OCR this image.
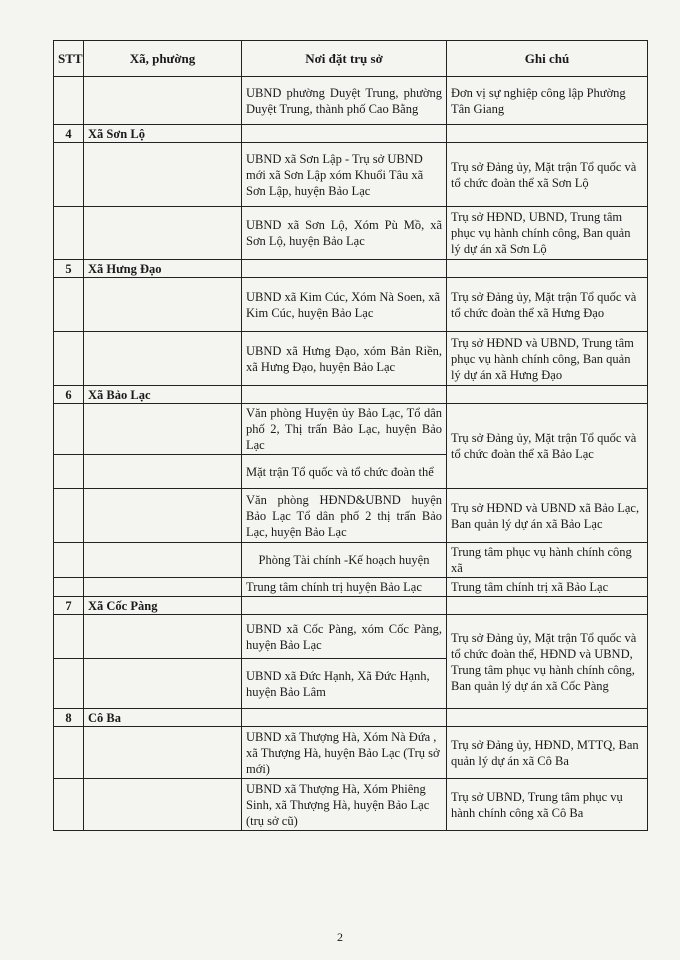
STT	Xã, phường	Nơi đặt trụ sở	Ghi chú
		UBND phường Duyệt Trung, phường Duyệt Trung, thành phố Cao Bằng	Đơn vị sự nghiệp công lập Phường Tân Giang
4	Xã Sơn Lộ		
		UBND xã Sơn Lập - Trụ sở UBND mới xã Sơn Lập xóm Khuổi Tâu xã Sơn Lập, huyện Bảo Lạc	Trụ sở Đảng ủy, Mặt trận Tổ quốc và tổ chức đoàn thể xã Sơn Lộ
		UBND xã Sơn Lộ, Xóm Pù Mồ, xã Sơn Lộ, huyện Bảo Lạc	Trụ sở HĐND, UBND, Trung tâm phục vụ hành chính công, Ban quản lý dự án xã Sơn Lộ
5	Xã Hưng Đạo		
		UBND xã Kim Cúc, Xóm Nà Soen, xã Kim Cúc, huyện Bảo Lạc	Trụ sở Đảng ủy, Mặt trận Tổ quốc và tổ chức đoàn thể xã Hưng Đạo
		UBND xã Hưng Đạo, xóm Bản Riền, xã Hưng Đạo, huyện Bảo Lạc	Trụ sở HĐND và UBND, Trung tâm phục vụ hành chính công, Ban quản lý dự án xã Hưng Đạo
6	Xã Bảo Lạc		
		Văn phòng Huyện ủy Bảo Lạc, Tổ dân phố 2, Thị trấn Bảo Lạc, huyện Bảo Lạc	Trụ sở Đảng ủy, Mặt trận Tổ quốc và tổ chức đoàn thể xã Bảo Lạc
		Mặt trận Tổ quốc và tổ chức đoàn thể	
		Văn phòng HĐND&UBND huyện Bảo Lạc Tổ dân phố 2 thị trấn Bảo Lạc, huyện Bảo Lạc	Trụ sở HĐND và UBND xã Bảo Lạc, Ban quản lý dự án xã Bảo Lạc
		Phòng Tài chính -Kế hoạch huyện	Trung tâm phục vụ hành chính công xã
		Trung tâm chính trị huyện Bảo Lạc	Trung tâm chính trị xã Bảo Lạc
7	Xã Cốc Pàng		
		UBND xã Cốc Pàng, xóm Cốc Pàng, huyện Bảo Lạc	Trụ sở Đảng ủy, Mặt trận Tổ quốc và tổ chức đoàn thể, HĐND và UBND, Trung tâm phục vụ hành chính công, Ban quản lý dự án xã Cốc Pàng
		UBND xã Đức Hạnh, Xã Đức Hạnh, huyện Bảo Lâm	
8	Cô Ba		
		UBND xã Thượng Hà, Xóm Nà Đứa , xã Thượng Hà, huyện Bảo Lạc (Trụ sở mới)	Trụ sở Đảng ủy, HĐND, MTTQ, Ban quản lý dự án xã Cô Ba
		UBND xã Thượng Hà, Xóm Phiêng Sinh, xã Thượng Hà, huyện Bảo Lạc (trụ sở cũ)	Trụ sở UBND, Trung tâm phục vụ hành chính công xã Cô Ba
2
